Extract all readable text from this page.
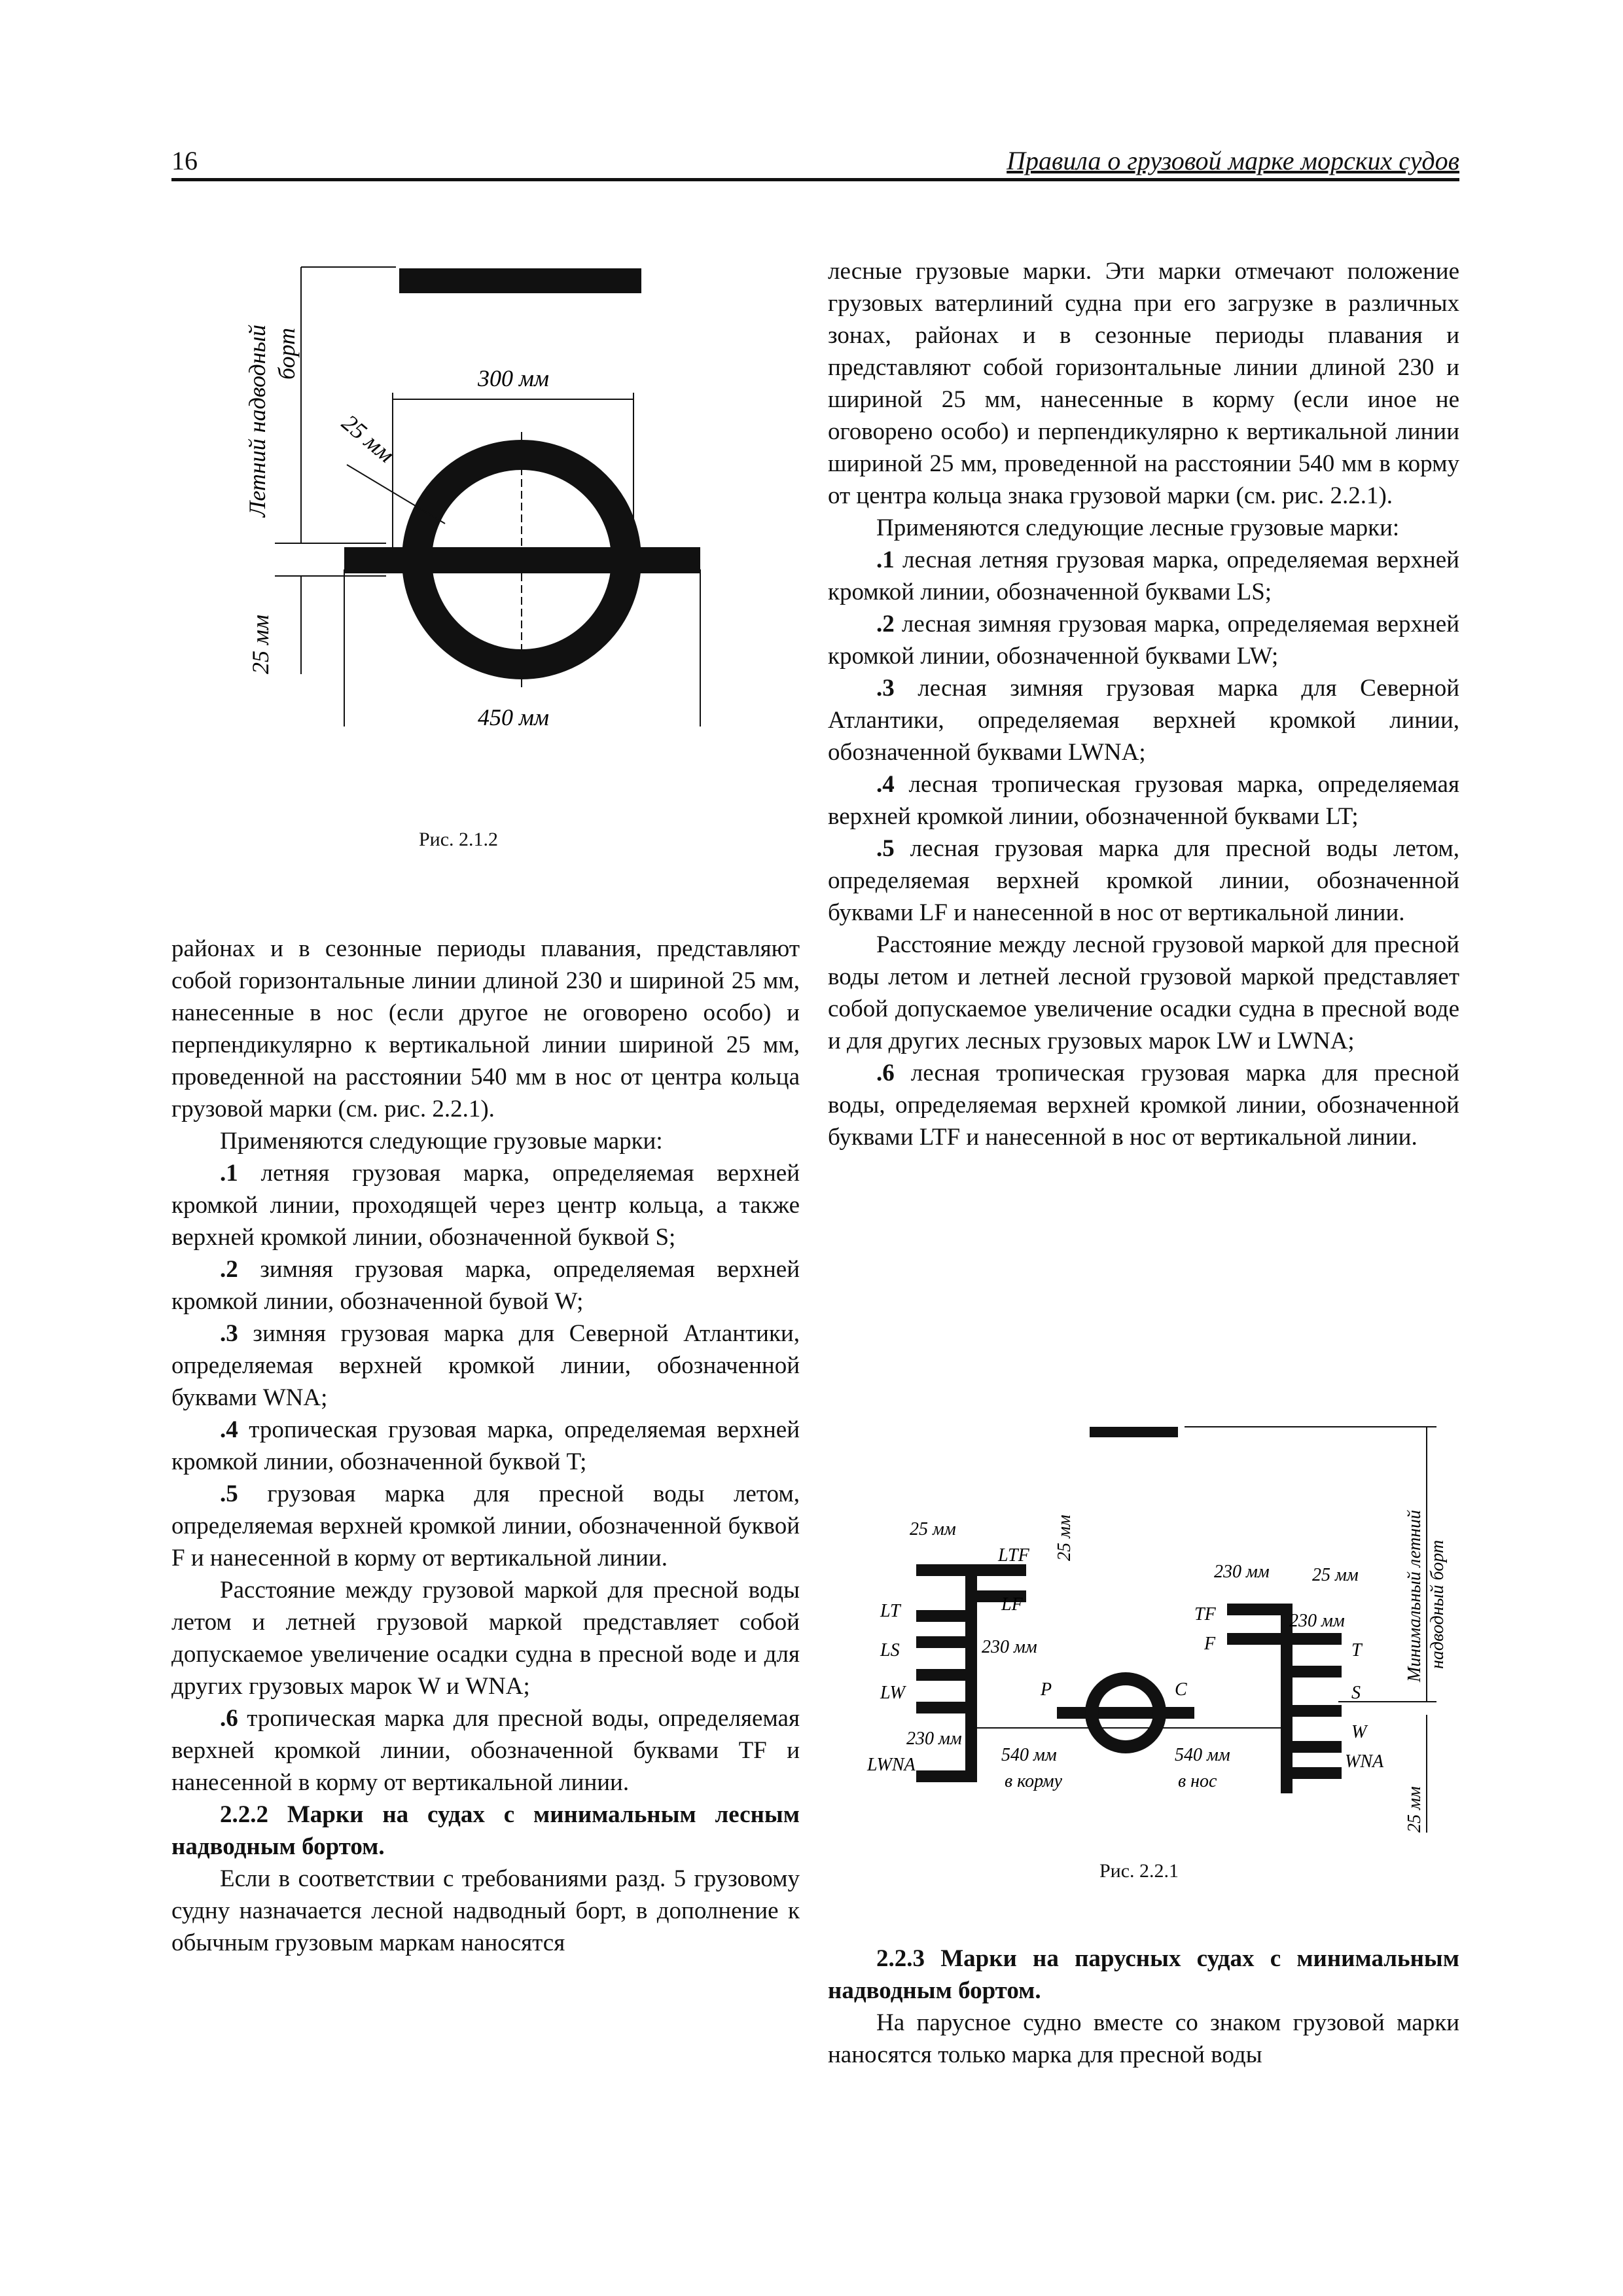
16	Правила о грузовой марке морских судов
Летний надводный борт	300 мм
25 мм
25 мм
450 мм
Рис. 2.1.2

районах и в сезонные периоды плавания, представляют собой горизонтальные линии длиной 230 и шириной 25 мм, нанесенные в нос (если другое не оговорено особо) и перпендикулярно к вертикальной линии шириной 25 мм, проведенной на расстоянии 540 мм в нос от центра кольца грузовой марки (см. рис. 2.2.1).

Применяются следующие грузовые марки:

.1 летняя грузовая марка, определяемая верхней кромкой линии, проходящей через центр кольца, а также верхней кромкой линии, обозначенной буквой S;

.2 зимняя грузовая марка, определяемая верхней кромкой линии, обозначенной бувой W;

.3 зимняя грузовая марка для Северной Атлантики, определяемая верхней кромкой линии, обозначенной буквами WNA;

.4 тропическая грузовая марка, определяемая верхней кромкой линии, обозначенной буквой T;

.5 грузовая марка для пресной воды летом, определяемая верхней кромкой линии, обозначенной буквой F и нанесенной в корму от вертикальной линии.

Расстояние между грузовой маркой для пресной воды летом и летней грузовой маркой представляет собой допускаемое увеличение осадки судна в пресной воде и для других грузовых марок W и WNA;

.6 тропическая марка для пресной воды, определяемая верхней кромкой линии, обозначенной буквами TF и нанесенной в корму от вертикальной линии.

2.2.2 Марки на судах с минимальным лесным надводным бортом.

Если в соответствии с требованиями разд. 5 грузовому судну назначается лесной надводный борт, в дополнение к обычным грузовым маркам наносятся

лесные грузовые марки. Эти марки отмечают положение грузовых ватерлиний судна при его загрузке в различных зонах, районах и в сезонные периоды плавания и представляют собой горизонтальные линии длиной 230 и шириной 25 мм, нанесенные в корму (если иное не оговорено особо) и перпендикулярно к вертикальной линии шириной 25 мм, проведенной на расстоянии 540 мм в корму от центра кольца знака грузовой марки (см. рис. 2.2.1).

Применяются следующие лесные грузовые марки:

.1 лесная летняя грузовая марка, определяемая верхней кромкой линии, обозначенной буквами LS;

.2 лесная зимняя грузовая марка, определяемая верхней кромкой линии, обозначенной буквами LW;

.3 лесная зимняя грузовая марка для Северной Атлантики, определяемая верхней кромкой линии, обозначенной буквами LWNA;

.4 лесная тропическая грузовая марка, определяемая верхней кромкой линии, обозначенной буквами LT;

.5 лесная грузовая марка для пресной воды летом, определяемая верхней кромкой линии, обозначенной буквами LF и нанесенной в нос от вертикальной линии.

Расстояние между лесной грузовой маркой для пресной воды летом и летней лесной грузовой маркой представляет собой допускаемое увеличение осадки судна в пресной воде и для других лесных грузовых марок LW и LWNA;

.6 лесная тропическая грузовая марка для пресной воды, определяемая верхней кромкой линии, обозначенной буквами LTF и нанесенной в нос от вертикальной линии.

Минимальный летний надводный борт
25 мм	25 мм
LTF
LF
LT
LS
LW
LWNA
230 мм
230 мм
P	C
540 мм	540 мм
в корму	в нос
230 мм 25 мм
TF	230 мм
F	T
S
W
WNA
25 мм
Рис. 2.2.1

2.2.3 Марки на парусных судах с минимальным надводным бортом.

На парусное судно вместе со знаком грузовой марки наносятся только марка для пресной воды
